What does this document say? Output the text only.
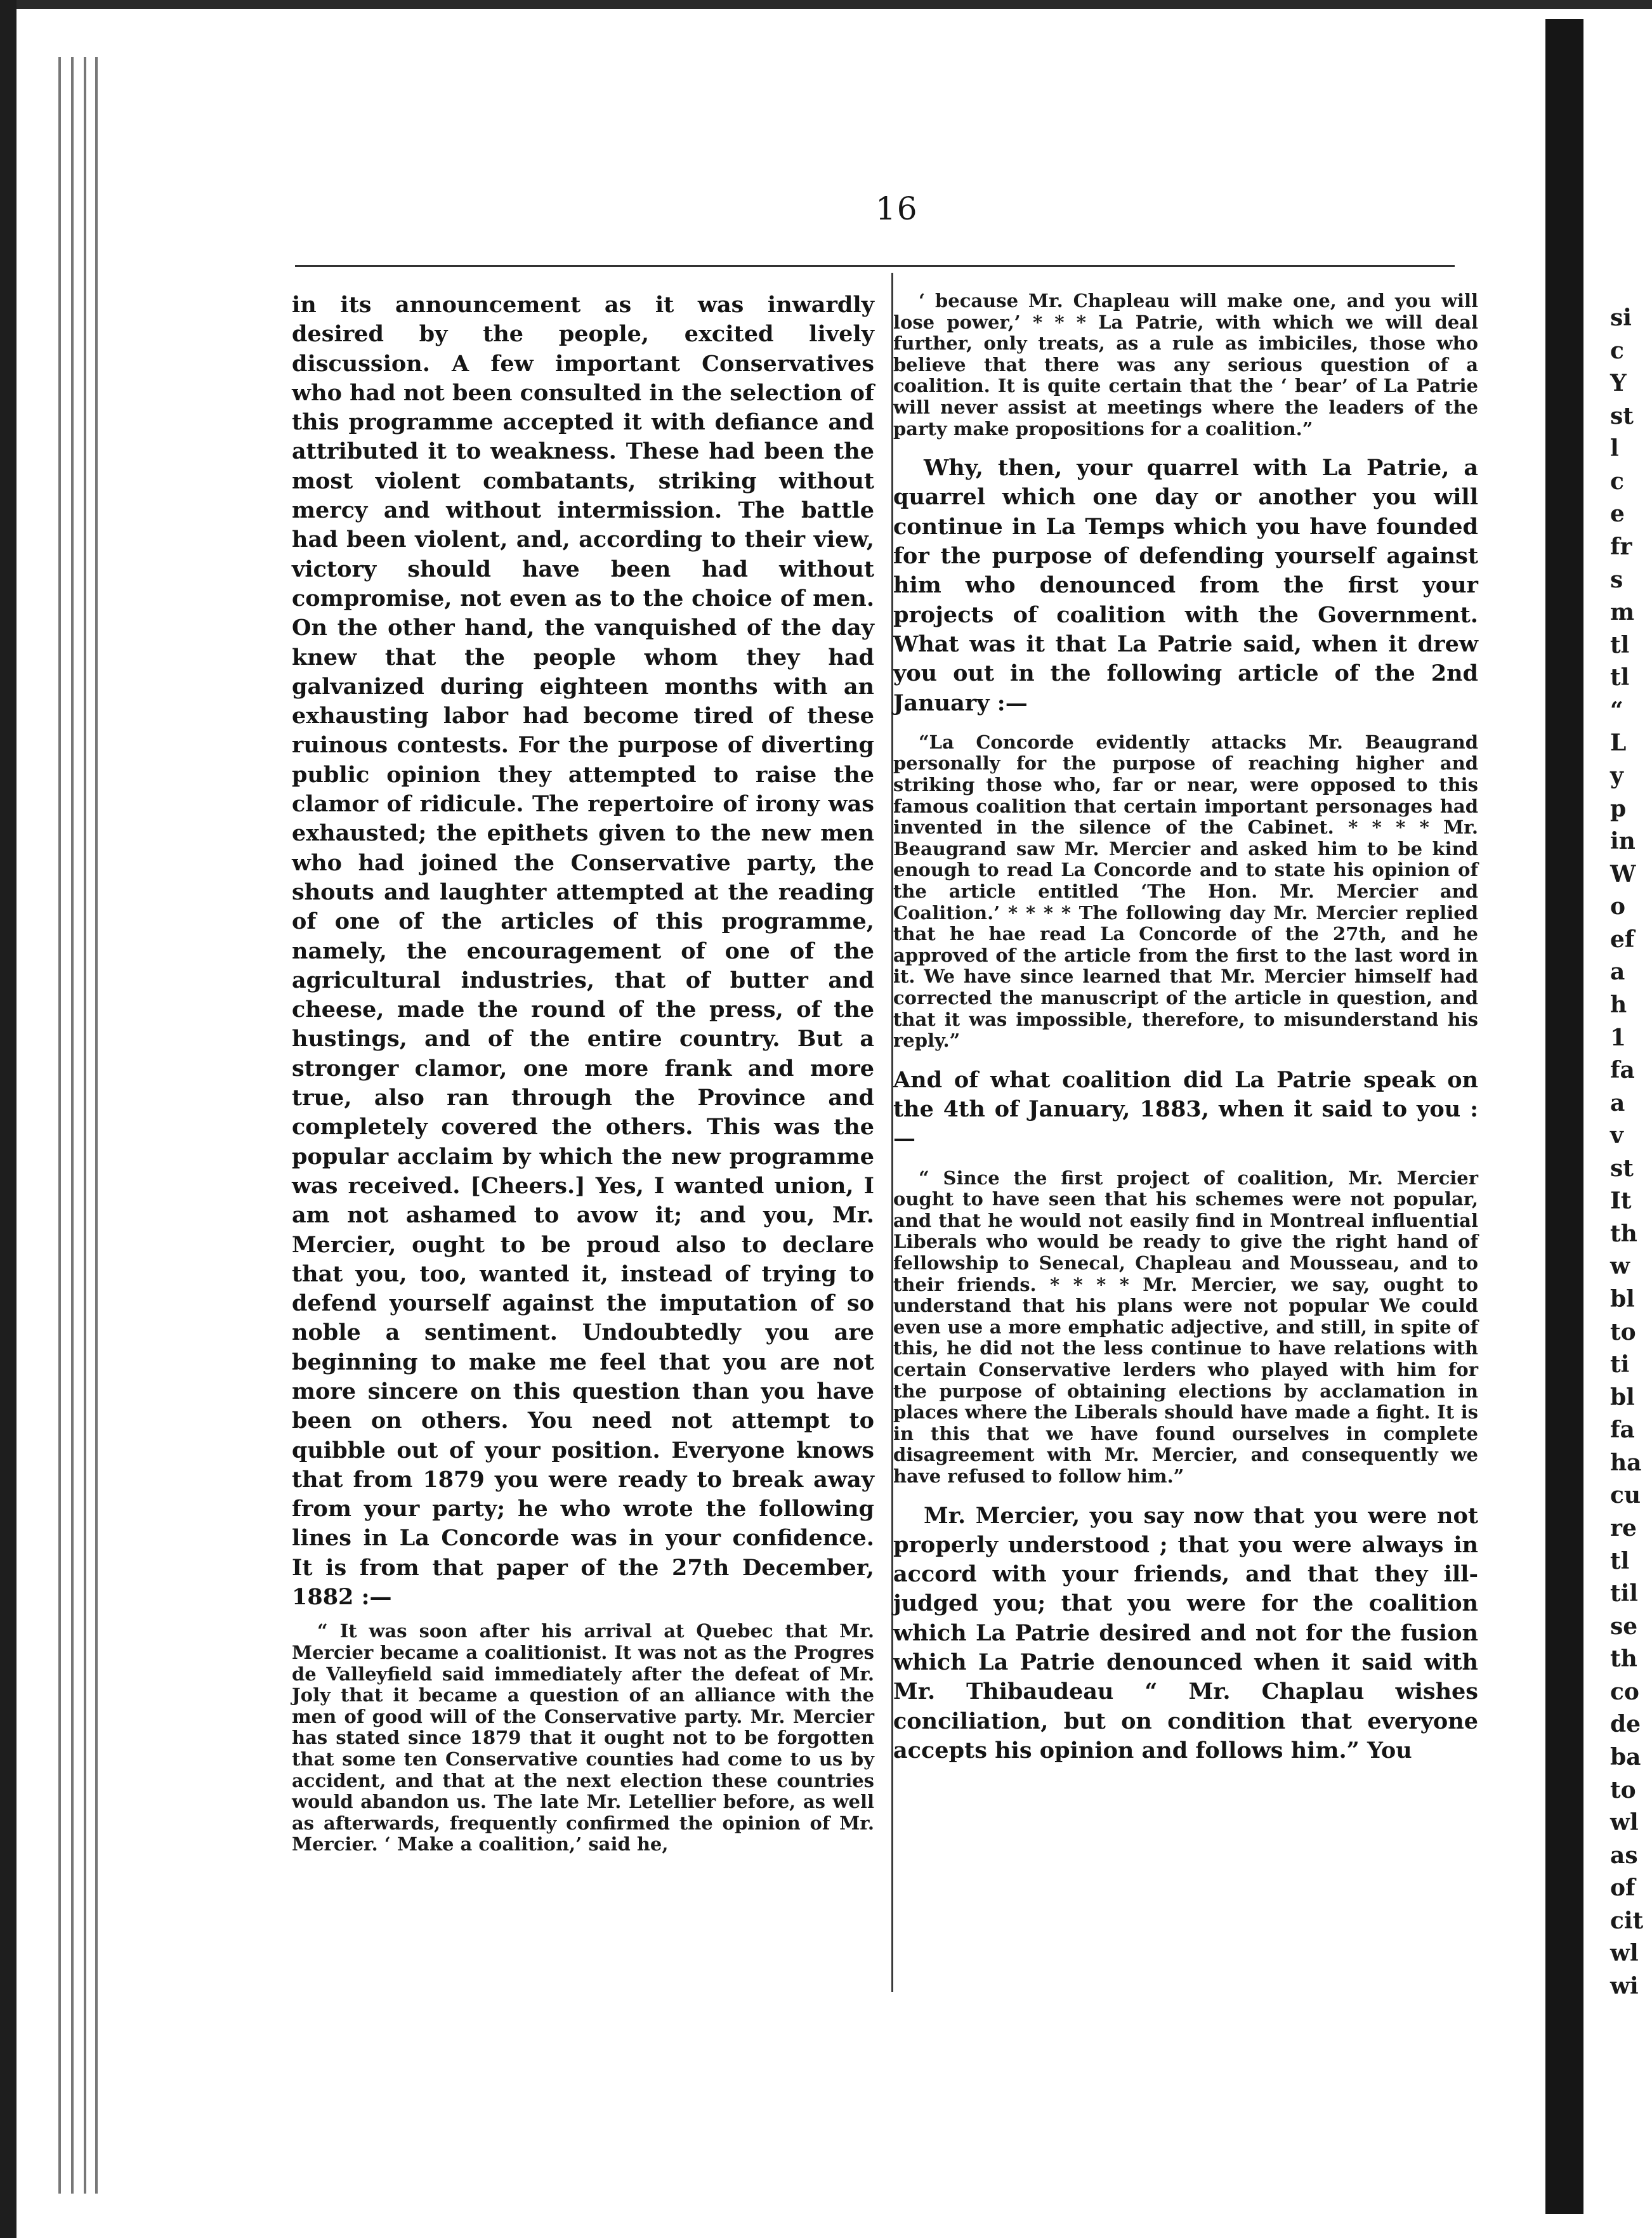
16

in its announcement as it was inwardly desired by the people, excited lively discussion. A few important Conservatives who had not been consulted in the selection of this programme accepted it with defiance and attributed it to weakness. These had been the most violent combatants, striking without mercy and without intermission. The battle had been violent, and, according to their view, victory should have been had without compromise, not even as to the choice of men. On the other hand, the vanquished of the day knew that the people whom they had galvanized during eighteen months with an exhausting labor had become tired of these ruinous contests. For the purpose of diverting public opinion they attempted to raise the clamor of ridicule. The repertoire of irony was exhausted; the epithets given to the new men who had joined the Conservative party, the shouts and laughter attempted at the reading of one of the articles of this programme, namely, the encouragement of one of the agricultural industries, that of butter and cheese, made the round of the press, of the hustings, and of the entire country. But a stronger clamor, one more frank and more true, also ran through the Province and completely covered the others. This was the popular acclaim by which the new programme was received. [Cheers.] Yes, I wanted union, I am not ashamed to avow it; and you, Mr. Mercier, ought to be proud also to declare that you, too, wanted it, instead of trying to defend yourself against the imputation of so noble a sentiment. Undoubtedly you are beginning to make me feel that you are not more sincere on this question than you have been on others. You need not attempt to quibble out of your position. Everyone knows that from 1879 you were ready to break away from your party; he who wrote the following lines in La Concorde was in your confidence. It is from that paper of the 27th December, 1882 :—

“ It was soon after his arrival at Quebec that Mr. Mercier became a coalitionist. It was not as the Progres de Valleyfield said immediately after the defeat of Mr. Joly that it became a question of an alliance with the men of good will of the Conservative party. Mr. Mercier has stated since 1879 that it ought not to be forgotten that some ten Conservative counties had come to us by accident, and that at the next election these countries would abandon us. The late Mr. Letellier before, as well as afterwards, frequently confirmed the opinion of Mr. Mercier. ‘ Make a coalition,’ said he,

‘ because Mr. Chapleau will make one, and you will lose power,’ * * * La Patrie, with which we will deal further, only treats, as a rule as imbiciles, those who believe that there was any serious question of a coalition. It is quite certain that the ‘ bear’ of La Patrie will never assist at meetings where the leaders of the party make propositions for a coalition.”

Why, then, your quarrel with La Patrie, a quarrel which one day or another you will continue in La Temps which you have founded for the purpose of defending yourself against him who denounced from the first your projects of coalition with the Government. What was it that La Patrie said, when it drew you out in the following article of the 2nd January :—

“La Concorde evidently attacks Mr. Beaugrand personally for the purpose of reaching higher and striking those who, far or near, were opposed to this famous coalition that certain important personages had invented in the silence of the Cabinet. * * * * Mr. Beaugrand saw Mr. Mercier and asked him to be kind enough to read La Concorde and to state his opinion of the article entitled ‘The Hon. Mr. Mercier and Coalition.’ * * * * The following day Mr. Mercier replied that he hae read La Concorde of the 27th, and he approved of the article from the first to the last word in it. We have since learned that Mr. Mercier himself had corrected the manuscript of the article in question, and that it was impossible, therefore, to misunderstand his reply.”

And of what coalition did La Patrie speak on the 4th of January, 1883, when it said to you :—

“ Since the first project of coalition, Mr. Mercier ought to have seen that his schemes were not popular, and that he would not easily find in Montreal influential Liberals who would be ready to give the right hand of fellowship to Senecal, Chapleau and Mousseau, and to their friends. * * * * Mr. Mercier, we say, ought to understand that his plans were not popular We could even use a more emphatic adjective, and still, in spite of this, he did not the less continue to have relations with certain Conservative lerders who played with him for the purpose of obtaining elections by acclamation in places where the Liberals should have made a fight. It is in this that we have found ourselves in complete disagreement with Mr. Mercier, and consequently we have refused to follow him.”

Mr. Mercier, you say now that you were not properly understood ; that you were always in accord with your friends, and that they ill-judged you; that you were for the coalition which La Patrie desired and not for the fusion which La Patrie denounced when it said with Mr. Thibaudeau “ Mr. Chaplau wishes conciliation, but on condition that everyone accepts his opinion and follows him.” You

si
c
Y
st
l
c
e
fr
s
m
tl
tl
“
L
y
p
in
W
o
ef
a
h
1
fa
a
v
st
It
th
w
bl
to
ti
bl
fa
ha
cu
re
tl
til
se
th
co
de
ba
to
wl
as
of
cit
wl
wi
